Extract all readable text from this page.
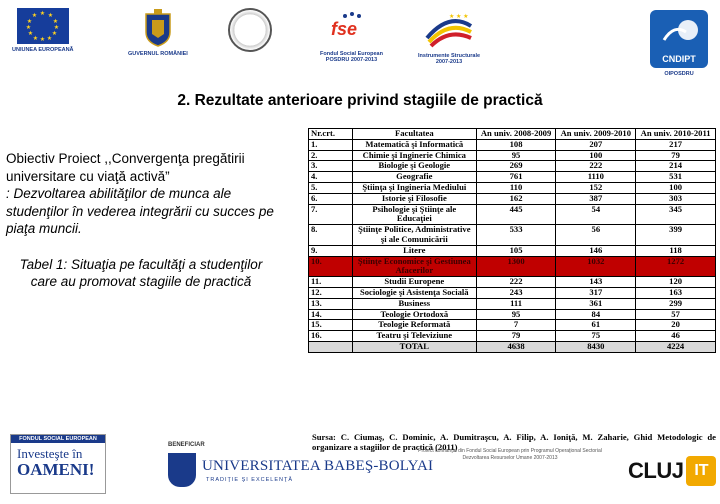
★ ★
★
★
★
★
★
★
★
★
★
★
UNIUNEA EUROPEANĂ
GUVERNUL ROMÂNIEI
fse
Fondul Social European
POSDRU 2007-2013
★ ★ ★
Instrumente Structurale
2007-2013	CNDIPT
OIPOSDRU
2. Rezultate anterioare privind stagiile de practică
Obiectiv Proiect ,,Convergenţa pregătirii universitare cu viaţă activă”
: Dezvoltarea abilităţilor de munca ale studenţilor în vederea integrării cu succes pe piaţa muncii.
Tabel 1: Situaţia pe facultăţi a studenţilor care au promovat stagiile de practică
Nr.crt.	Facultatea	An univ. 2008-2009	An univ. 2009-2010	An univ. 2010-2011
1.	Matematică şi Informatică	108	207	217
2.	Chimie şi Inginerie Chimica	95	100	79
3.	Biologie şi Geologie	269	222	214
4.	Geografie	761	1110	531
5.	Ştiinţa şi Ingineria Mediului	110	152	100
6.	Istorie şi Filosofie	162	387	303
7.	Psihologie şi Ştiinţe ale Educaţiei	445	54	345
8.	Ştiinţe Politice, Administrative şi ale Comunicării	533	56	399
9.	Litere	105	146	118
10.	Ştiinţe Economice şi Gestiunea Afacerilor	1300	1032	1272
11.	Studii Europene	222	143	120
12.	Sociologie şi Asistenţa Socială	243	317	163
13.	Business	111	361	299
14.	Teologie Ortodoxă	95	84	57
15.	Teologie Reformată	7	61	20
16.	Teatru şi Televiziune	79	75	46
	TOTAL	4638	8430	4224
Sursa: C. Ciumaş, C. Dominic, A. Dumitraşcu, A. Filip, A. Ioniţă, M. Zaharie, Ghid Metodologic de organizare a stagiilor de practică (2011)
FONDUL SOCIAL EUROPEAN
Investeşte în
OAMENI!
BENEFICIAR
UNIVERSITATEA BABEŞ-BOLYAI
TRADIŢIE ŞI EXCELENŢĂ
Proiect cofinanţat din Fondul Social European prin Programul Operaţional Sectorial Dezvoltarea Resurselor Umane 2007-2013
CLUJ IT
